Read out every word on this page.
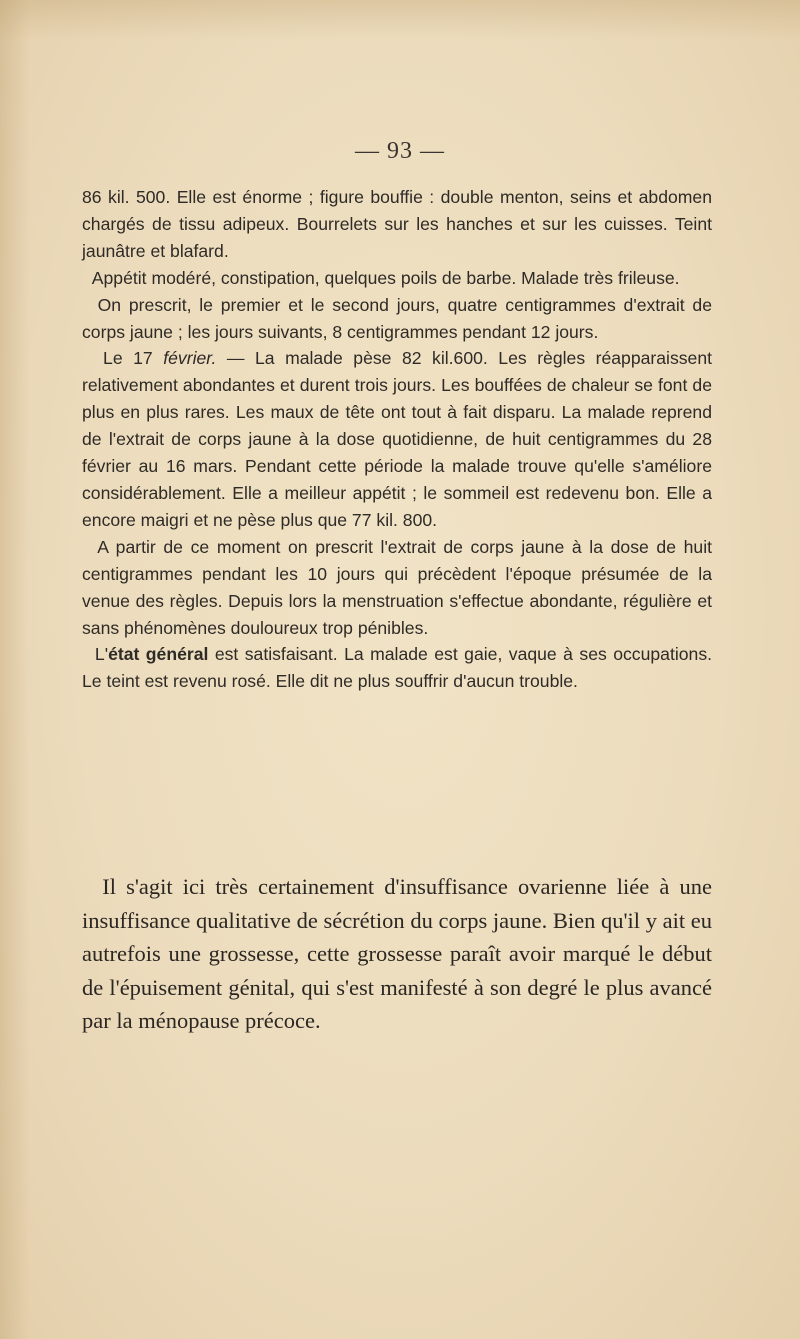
— 93 —

86 kil. 500. Elle est énorme ; figure bouffie : double menton, seins et abdomen chargés de tissu adipeux. Bourrelets sur les hanches et sur les cuisses. Teint jaunâtre et blafard.

Appétit modéré, constipation, quelques poils de barbe. Malade très frileuse.

On prescrit, le premier et le second jours, quatre centigrammes d'extrait de corps jaune ; les jours suivants, 8 centigrammes pendant 12 jours.

Le 17 février. — La malade pèse 82 kil.600. Les règles réapparaissent relativement abondantes et durent trois jours. Les bouffées de chaleur se font de plus en plus rares. Les maux de tête ont tout à fait disparu. La malade reprend de l'extrait de corps jaune à la dose quotidienne, de huit centigrammes du 28 février au 16 mars. Pendant cette période la malade trouve qu'elle s'améliore considérablement. Elle a meilleur appétit ; le sommeil est redevenu bon. Elle a encore maigri et ne pèse plus que 77 kil. 800.

A partir de ce moment on prescrit l'extrait de corps jaune à la dose de huit centigrammes pendant les 10 jours qui précèdent l'époque présumée de la venue des règles. Depuis lors la menstruation s'effectue abondante, régulière et sans phénomènes douloureux trop pénibles.

L'état général est satisfaisant. La malade est gaie, vaque à ses occupations. Le teint est revenu rosé. Elle dit ne plus souffrir d'aucun trouble.

Il s'agit ici très certainement d'insuffisance ovarienne liée à une insuffisance qualitative de sécrétion du corps jaune. Bien qu'il y ait eu autrefois une grossesse, cette grossesse paraît avoir marqué le début de l'épuisement génital, qui s'est manifesté à son degré le plus avancé par la ménopause précoce.
